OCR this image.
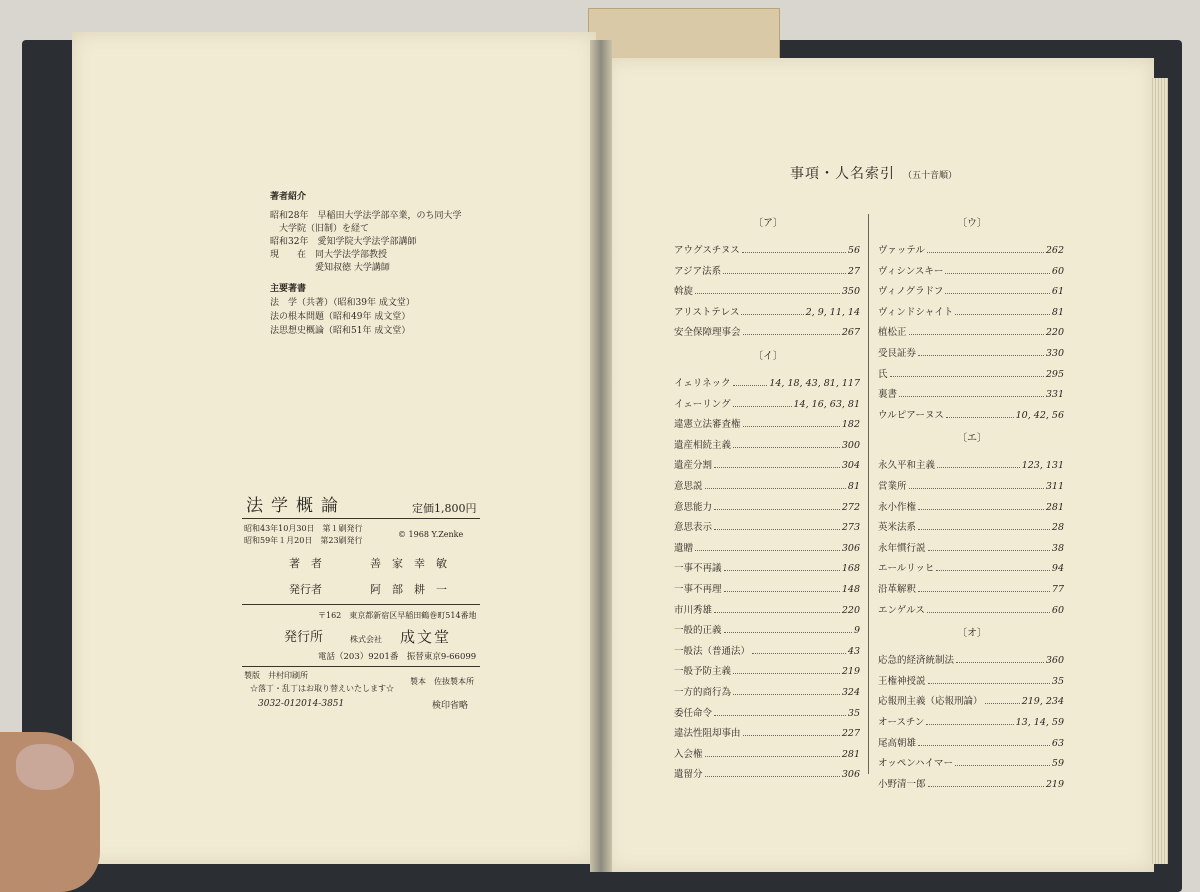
著者紹介
昭和28年　早稲田大学法学部卒業，のち同大学
　大学院（旧制）を経て
昭和32年　愛知学院大学法学部講師
現　　在　同大学法学部教授
　　　　　愛知叔徳 大学講師
主要著書
法　学（共著）（昭和39年 成文堂）
法の根本問題（昭和49年 成文堂）
法思想史概論（昭和51年 成文堂）
法学概論	定価1,800円
昭和43年10月30日　第１刷発行
昭和59年１月20日　第23刷発行
© 1968 Y.Zenke
著　者	善　家　幸　敏
発行者	阿　部　耕　一
〒162　東京都新宿区早稲田鶴巻町514番地
発行所	株式会社 成文堂
電話（203）9201番　振替東京9-66099
製版　井村印刷所
製本　佐抜製本所
☆落丁・乱丁はお取り替えいたします☆
3032-012014-3851	検印省略
事項・人名索引 （五十音順）
〔ア〕
アウグスチヌス	56
アジア法系	27
斡旋	350
アリストテレス	2, 9, 11, 14
安全保障理事会	267
〔イ〕
イェリネック	14, 18, 43, 81, 117
イェーリング	14, 16, 63, 81
違憲立法審査権	182
遺産相続主義	300
遺産分割	304
意思説	81
意思能力	272
意思表示	273
遺贈	306
一事不再議	168
一事不再理	148
市川秀雄	220
一般的正義	9
一般法（普通法）	43
一般予防主義	219
一方的商行為	324
委任命令	35
違法性阻却事由	227
入会権	281
遺留分	306
〔ウ〕
ヴァッテル	262
ヴィシンスキー	60
ヴィノグラドフ	61
ヴィンドシャイト	81
植松正	220
受艮証券	330
氏	295
裏書	331
ウルピアーヌス	10, 42, 56
〔エ〕
永久平和主義	123, 131
営業所	311
永小作権	281
英米法系	28
永年慣行説	38
エールリッヒ	94
沿革解釈	77
エンゲルス	60
〔オ〕
応急的経済統制法	360
王権神授説	35
応報刑主義（応報刑論）	219, 234
オースチン	13, 14, 59
尾高朝雄	63
オッペンハイマー	59
小野清一郎	219
